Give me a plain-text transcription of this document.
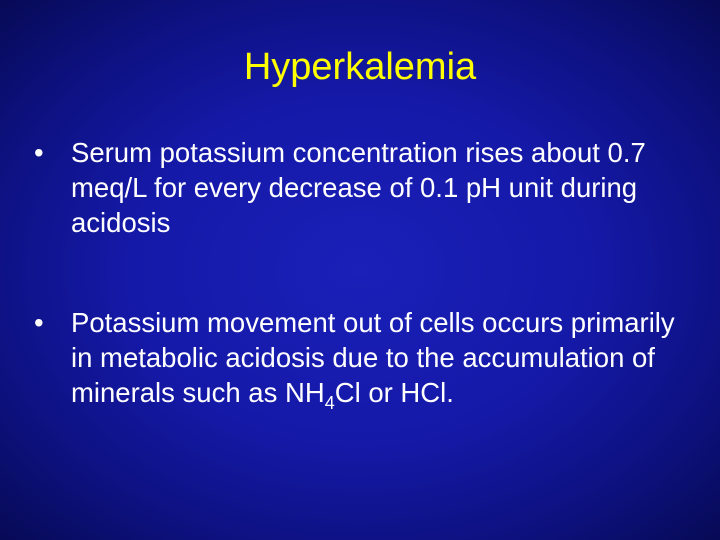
Hyperkalemia
• Serum potassium concentration rises about 0.7 meq/L for every decrease of 0.1 pH unit during acidosis
• Potassium movement out of cells occurs primarily in metabolic acidosis due to the accumulation of minerals such as $NH_4Cl$ or HCl.
